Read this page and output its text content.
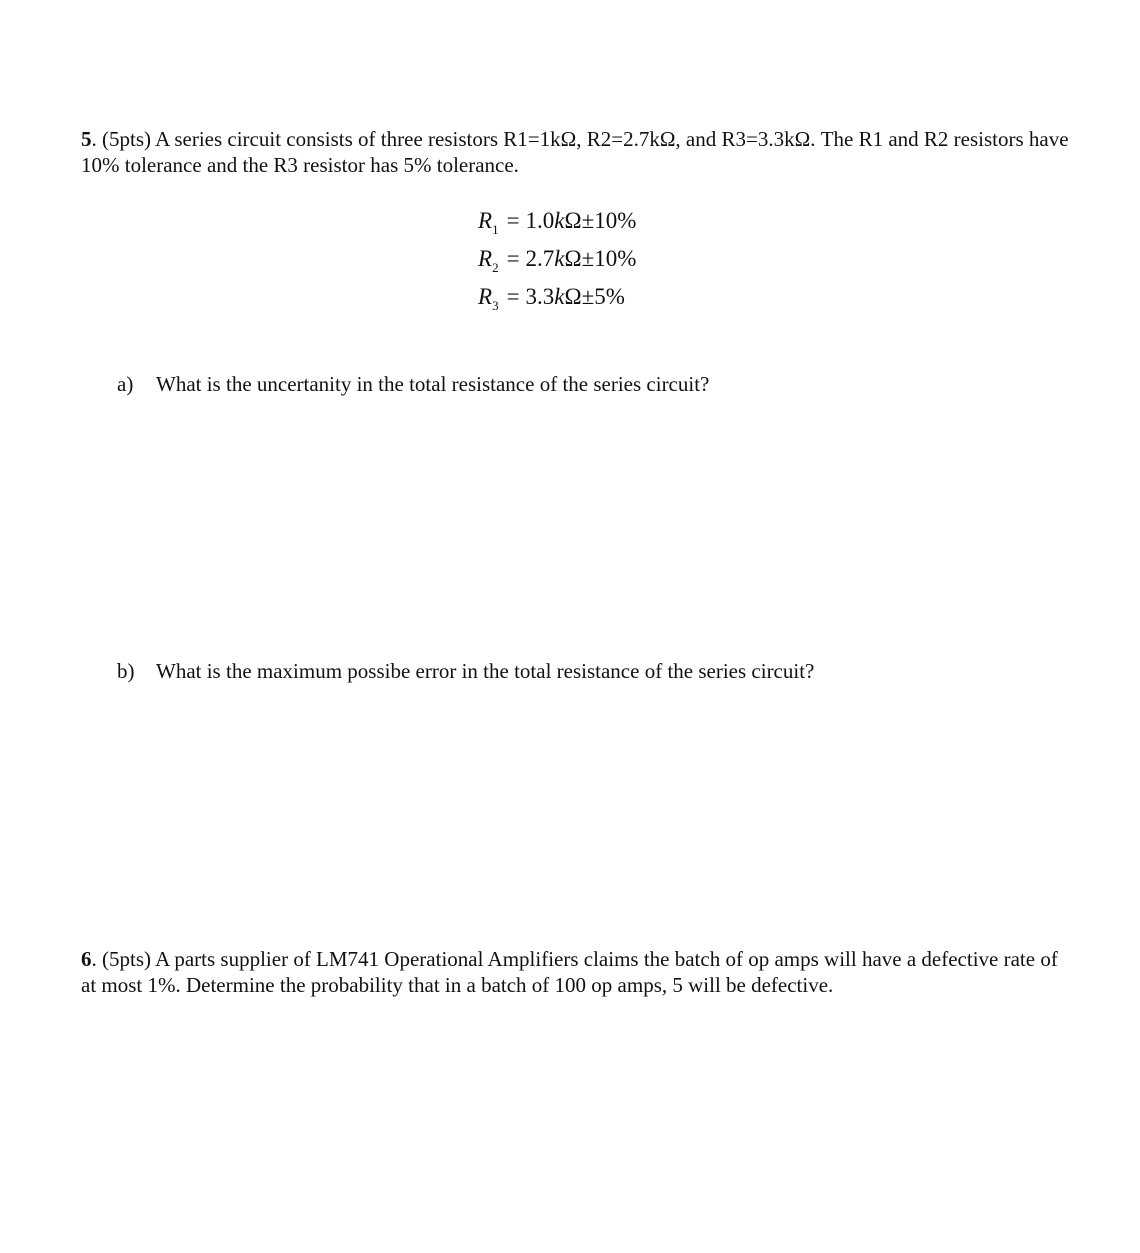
5. (5pts) A series circuit consists of three resistors R1=1kΩ, R2=2.7kΩ, and R3=3.3kΩ. The R1 and R2 resistors have 10% tolerance and the R3 resistor has 5% tolerance.
$R_1 = 1.0k\Omega\pm 10\%$
$R_2 = 2.7k\Omega\pm 10\%$
$R_3 = 3.3k\Omega\pm 5\%$
a) What is the uncertanity in the total resistance of the series circuit?
b) What is the maximum possibe error in the total resistance of the series circuit?
6. (5pts) A parts supplier of LM741 Operational Amplifiers claims the batch of op amps will have a defective rate of at most 1%. Determine the probability that in a batch of 100 op amps, 5 will be defective.
